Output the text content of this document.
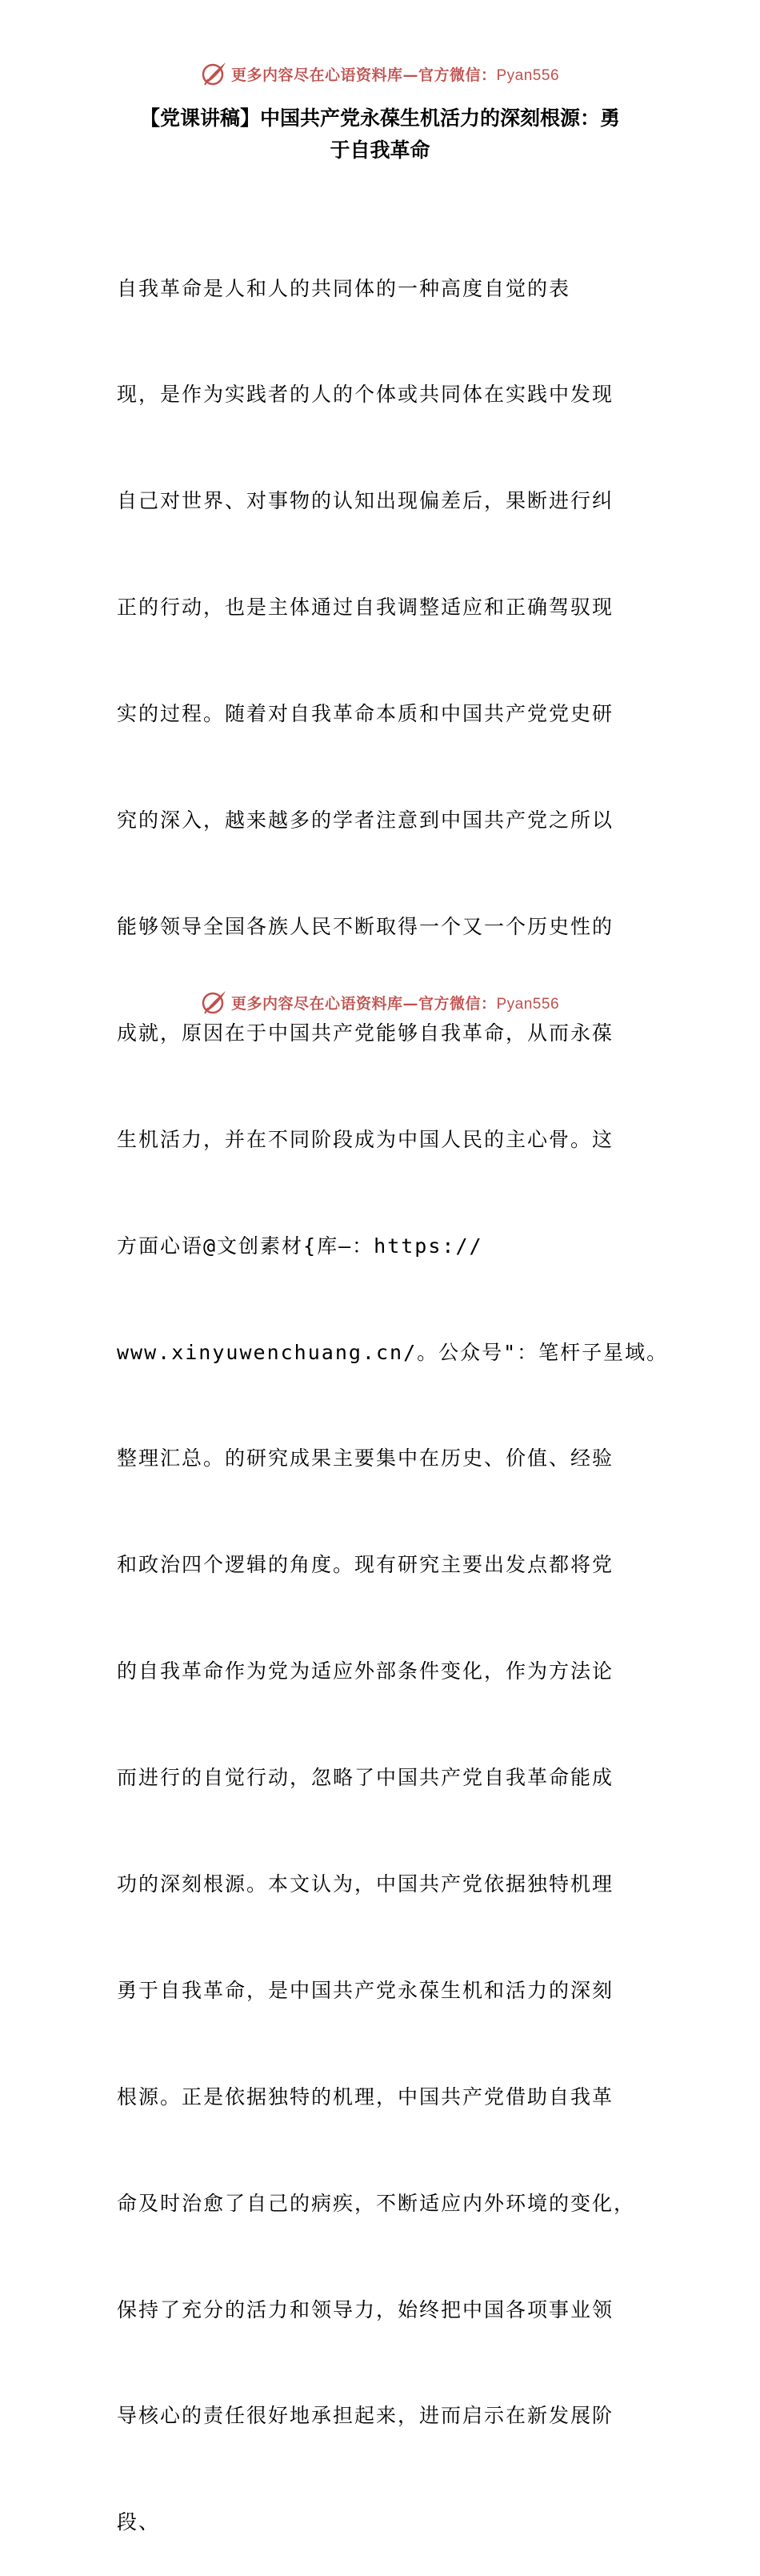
更多内容尽在心语资料库—官方微信：Pyan556
【党课讲稿】中国共产党永葆生机活力的深刻根源：勇
于自我革命

自我革命是人和人的共同体的一种高度自觉的表

现，是作为实践者的人的个体或共同体在实践中发现

自己对世界、对事物的认知出现偏差后，果断进行纠

正的行动，也是主体通过自我调整适应和正确驾驭现

实的过程。随着对自我革命本质和中国共产党党史研

究的深入，越来越多的学者注意到中国共产党之所以

能够领导全国各族人民不断取得一个又一个历史性的

成就，原因在于中国共产党能够自我革命，从而永葆

生机活力，并在不同阶段成为中国人民的主心骨。这

方面心语@文创素材{库—：https://

www.xinyuwenchuang.cn/。公众号"：笔杆子星域。

整理汇总。的研究成果主要集中在历史、价值、经验

和政治四个逻辑的角度。现有研究主要出发点都将党

的自我革命作为党为适应外部条件变化，作为方法论

而进行的自觉行动，忽略了中国共产党自我革命能成

功的深刻根源。本文认为，中国共产党依据独特机理

勇于自我革命，是中国共产党永葆生机和活力的深刻

根源。正是依据独特的机理，中国共产党借助自我革

命及时治愈了自己的病疾，不断适应内外环境的变化，

保持了充分的活力和领导力，始终把中国各项事业领

导核心的责任很好地承担起来，进而启示在新发展阶

段、

更多内容尽在心语资料库—官方微信：Pyan556
